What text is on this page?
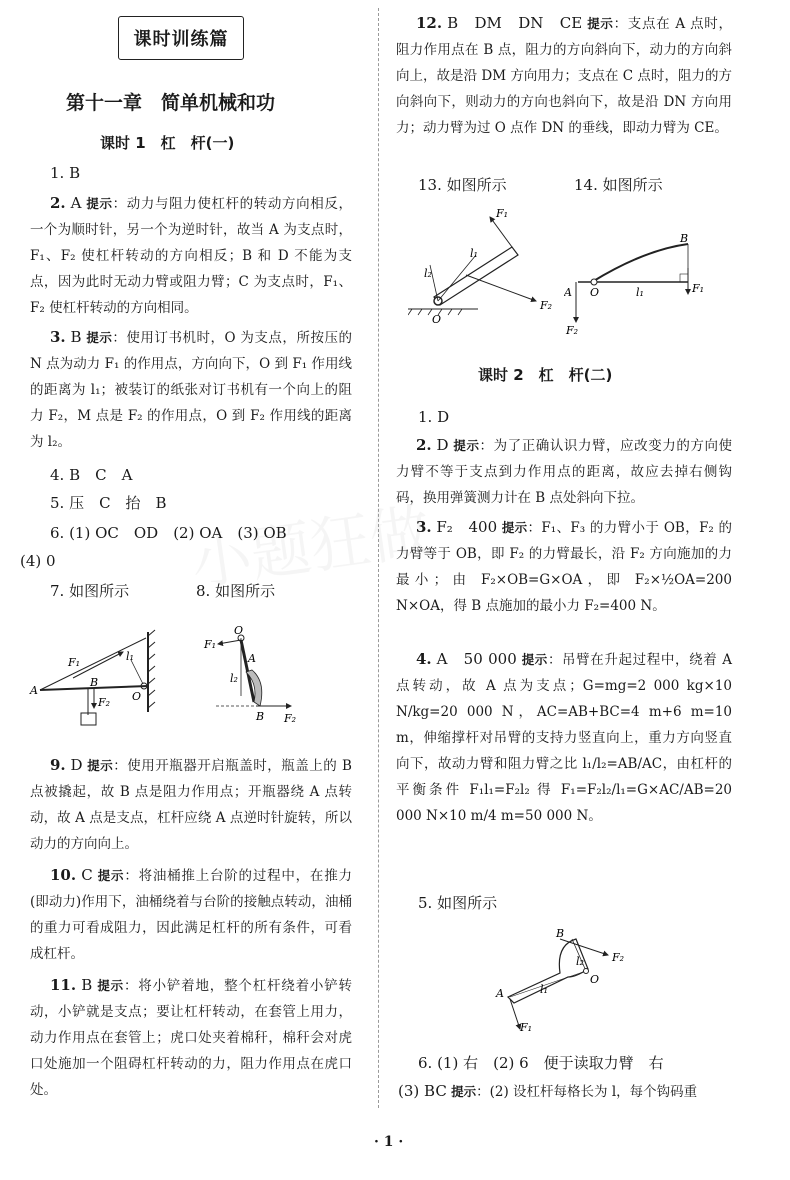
课时训练篇
第十一章　简单机械和功
课时 1　杠　杆(一)
1. B
2. A 提示：动力与阻力使杠杆的转动方向相反，一个为顺时针，另一个为逆时针，故当 A 为支点时，F₁、F₂ 使杠杆转动的方向相反；B 和 D 不能为支点，因为此时无动力臂或阻力臂；C 为支点时，F₁、F₂ 使杠杆转动的方向相同。
3. B 提示：使用订书机时，O 为支点，所按压的 N 点为动力 F₁ 的作用点，方向向下，O 到 F₁ 作用线的距离为 l₁；被装订的纸张对订书机有一个向上的阻力 F₂，M 点是 F₂ 的作用点，O 到 F₂ 作用线的距离为 l₂。
4. B　C　A
5. 压　C　抬　B
6. (1) OC　OD　(2) OA　(3) OB
(4) 0
7. 如图所示	8. 如图所示
A
F₁
B
F₂
l₁
O
O
A
F₁
l₂
B F₂
9. D 提示：使用开瓶器开启瓶盖时，瓶盖上的 B 点被撬起，故 B 点是阻力作用点；开瓶器绕 A 点转动，故 A 点是支点，杠杆应绕 A 点逆时针旋转，所以动力的方向向上。
10. C 提示：将油桶推上台阶的过程中，在推力(即动力)作用下，油桶绕着与台阶的接触点转动，油桶的重力可看成阻力，因此满足杠杆的所有条件，可看成杠杆。
11. B 提示：将小铲着地，整个杠杆绕着小铲转动，小铲就是支点；要让杠杆转动，在套管上用力，动力作用点在套管上；虎口处夹着棉秆，棉秆会对虎口处施加一个阻碍杠杆转动的力，阻力作用点在虎口处。
12. B　DM　DN　CE 提示：支点在 A 点时，阻力作用点在 B 点，阻力的方向斜向下，动力的方向斜向上，故是沿 DM 方向用力；支点在 C 点时，阻力的方向斜向下，则动力的方向也斜向下，故是沿 DN 方向用力；动力臂为过 O 点作 DN 的垂线，即动力臂为 CE。
13. 如图所示	14. 如图所示
F₁
l₂
l₁
F₂
O
A O	l₁
B
F₁
F₂
课时 2　杠　杆(二)
1. D
2. D 提示：为了正确认识力臂，应改变力的方向使力臂不等于支点到力作用点的距离，故应去掉右侧钩码，换用弹簧测力计在 B 点处斜向下拉。
3. F₂　400 提示：F₁、F₃ 的力臂小于 OB，F₂ 的力臂等于 OB，即 F₂ 的力臂最长，沿 F₂ 方向施加的力最小；由 F₂×OB=G×OA，即 F₂×½OA=200 N×OA，得 B 点施加的最小力 F₂=400 N。
4. A　50 000 提示：吊臂在升起过程中，绕着 A 点转动，故 A 点为支点；G=mg=2 000 kg×10 N/kg=20 000 N，AC=AB+BC=4 m+6 m=10 m，伸缩撑杆对吊臂的支持力竖直向上，重力方向竖直向下，故动力臂和阻力臂之比 l₁/l₂=AB/AC，由杠杆的平衡条件 F₁l₁=F₂l₂ 得 F₁=F₂l₂/l₁=G×AC/AB=20 000 N×10 m/4 m=50 000 N。
5. 如图所示
B
F₂
l₂
A	l₁
O
F₁
6. (1) 右　(2) 6　便于读取力臂　右
(3) BC 提示：(2) 设杠杆每格长为 l，每个钩码重
· 1 ·
